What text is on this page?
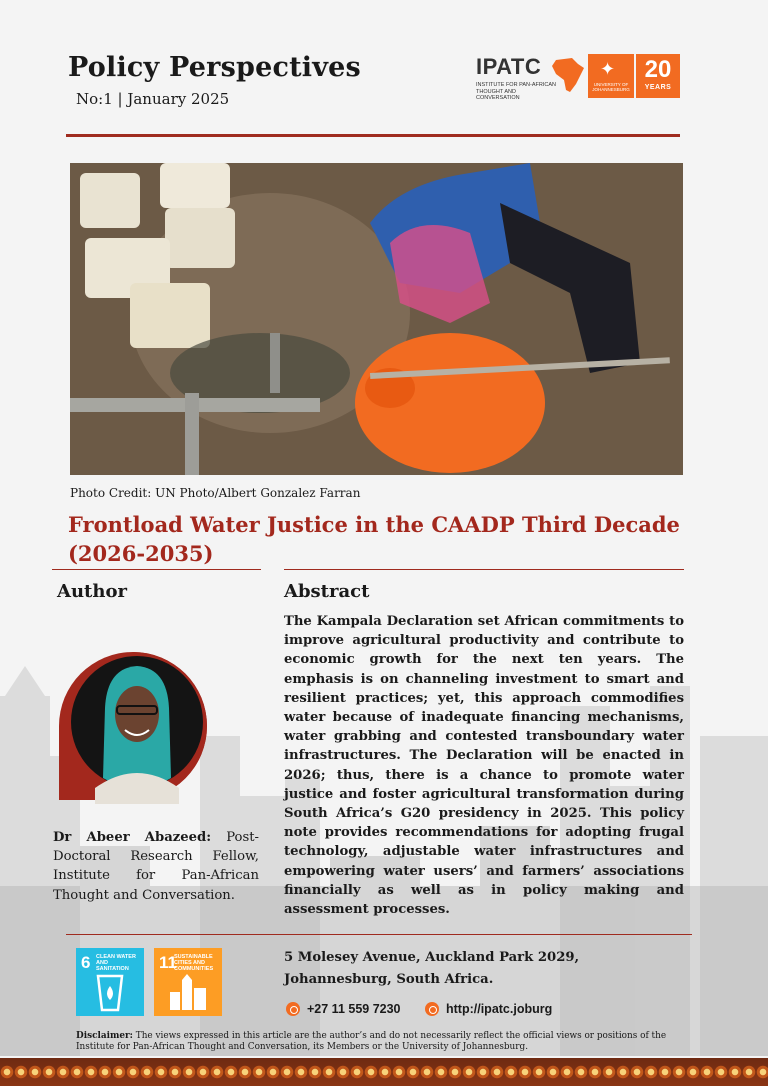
Policy Perspectives
No:1 | January 2025
IPATC
INSTITUTE FOR PAN-AFRICAN THOUGHT AND CONVERSATION
✦
UNIVERSITY OF JOHANNESBURG
20
YEARS
Photo Credit: UN Photo/Albert Gonzalez Farran
Frontload Water Justice in the CAADP Third Decade (2026-2035)
Author	Abstract
Dr Abeer Abazeed: Post-Doctoral Research Fellow, Institute for Pan-African Thought and Conversation.
The Kampala Declaration set African commitments to improve agricultural productivity and contribute to economic growth for the next ten years. The emphasis is on channeling investment to smart and resilient practices; yet, this approach commodifies water because of inadequate financing mechanisms, water grabbing and contested transboundary water infrastructures. The Declaration will be enacted in 2026; thus, there is a chance to promote water justice and foster agricultural transformation during South Africa’s G20 presidency in 2025. This policy note provides recommendations for adopting frugal technology, adjustable water infrastructures and empowering water users’ and farmers’ associations financially as well as in policy making and assessment processes.
6 CLEAN WATER AND SANITATION	11
SUSTAINABLE CITIES AND COMMUNITIES
5 Molesey Avenue, Auckland Park 2029, Johannesburg, South Africa.
+27 11 559 7230	http://ipatc.joburg
Disclaimer: The views expressed in this article are the author’s and do not necessarily reflect the official views or positions of the Institute for Pan-African Thought and Conversation, its Members or the University of Johannesburg.
